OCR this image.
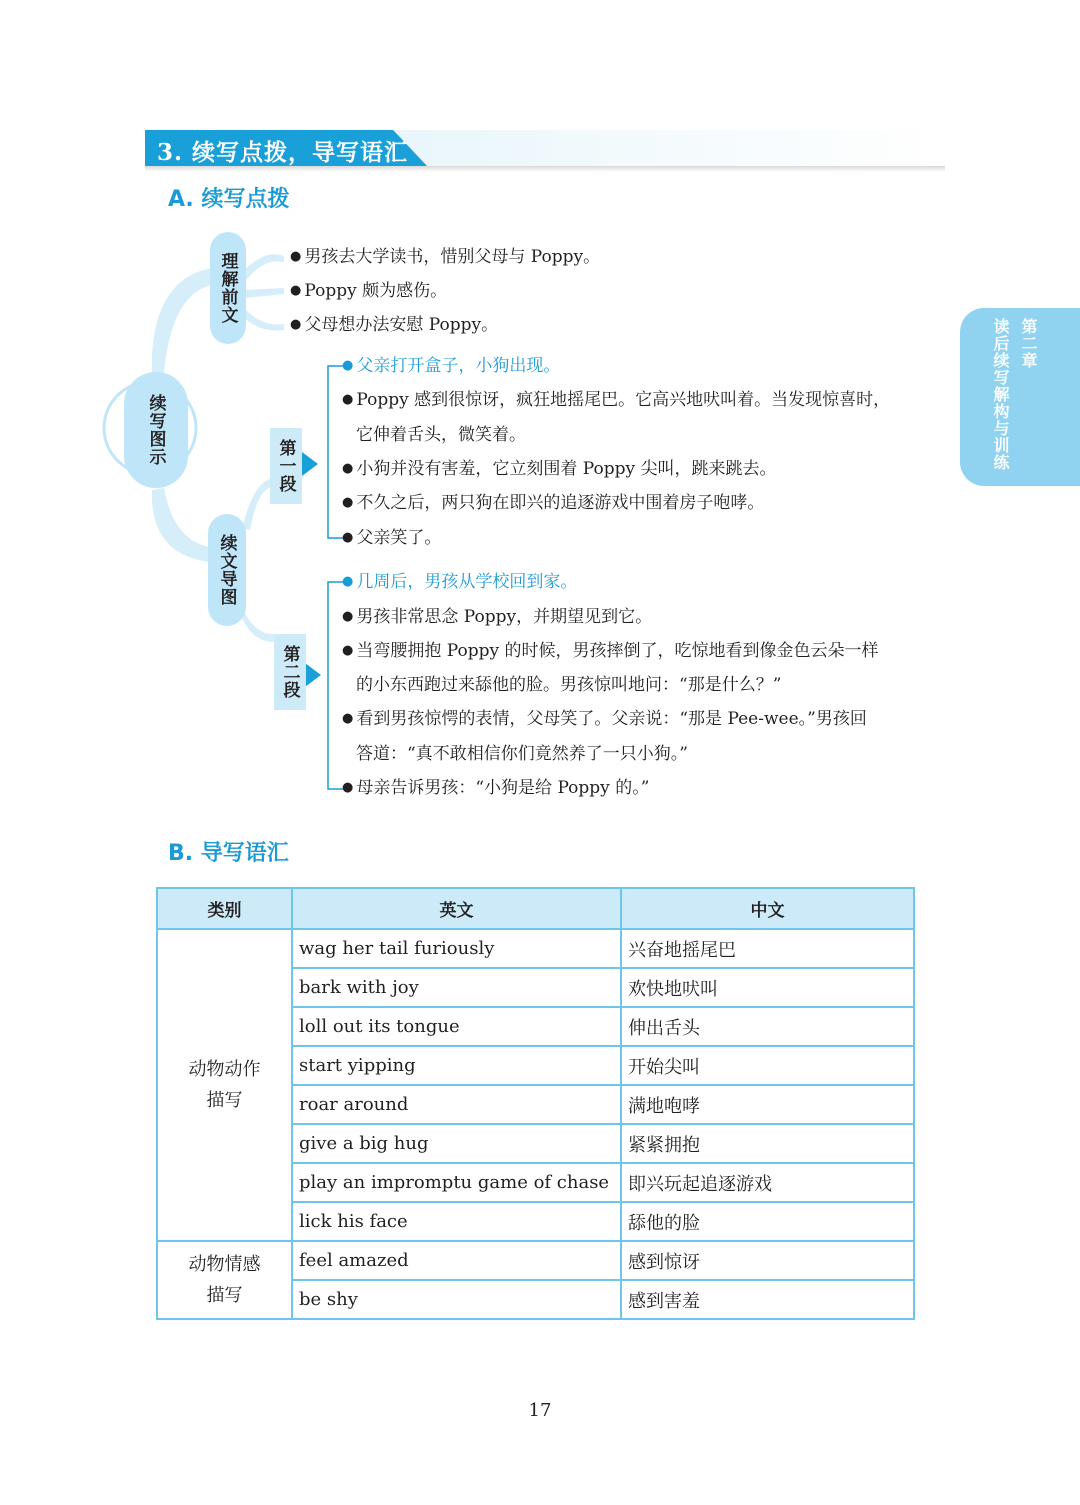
3. 续写点拨，导写语汇
A. 续写点拨
第二章
读后续写解构与训练
续写图示
理解前文
续文导图
第一段
第二段
● 男孩去大学读书，惜别父母与 Poppy。
● Poppy 颇为感伤。
● 父母想办法安慰 Poppy。
● 父亲打开盒子，小狗出现。
● Poppy 感到很惊讶，疯狂地摇尾巴。它高兴地吠叫着。当发现惊喜时，
它伸着舌头，微笑着。
● 小狗并没有害羞，它立刻围着 Poppy 尖叫，跳来跳去。
● 不久之后，两只狗在即兴的追逐游戏中围着房子咆哮。
● 父亲笑了。
● 几周后，男孩从学校回到家。
● 男孩非常思念 Poppy，并期望见到它。
● 当弯腰拥抱 Poppy 的时候，男孩摔倒了，吃惊地看到像金色云朵一样
的小东西跑过来舔他的脸。男孩惊叫地问：“那是什么？”
● 看到男孩惊愕的表情，父母笑了。父亲说：“那是 Pee-wee。”男孩回
答道：“真不敢相信你们竟然养了一只小狗。”
● 母亲告诉男孩：“小狗是给 Poppy 的。”
B. 导写语汇
类别	英文	中文
动物动作
描写	wag her tail furiously	兴奋地摇尾巴
	bark with joy	欢快地吠叫
	loll out its tongue	伸出舌头
	start yipping	开始尖叫
	roar around	满地咆哮
	give a big hug	紧紧拥抱
	play an impromptu game of chase	即兴玩起追逐游戏
	lick his face	舔他的脸
动物情感
描写	feel amazed	感到惊讶
	be shy	感到害羞
17
